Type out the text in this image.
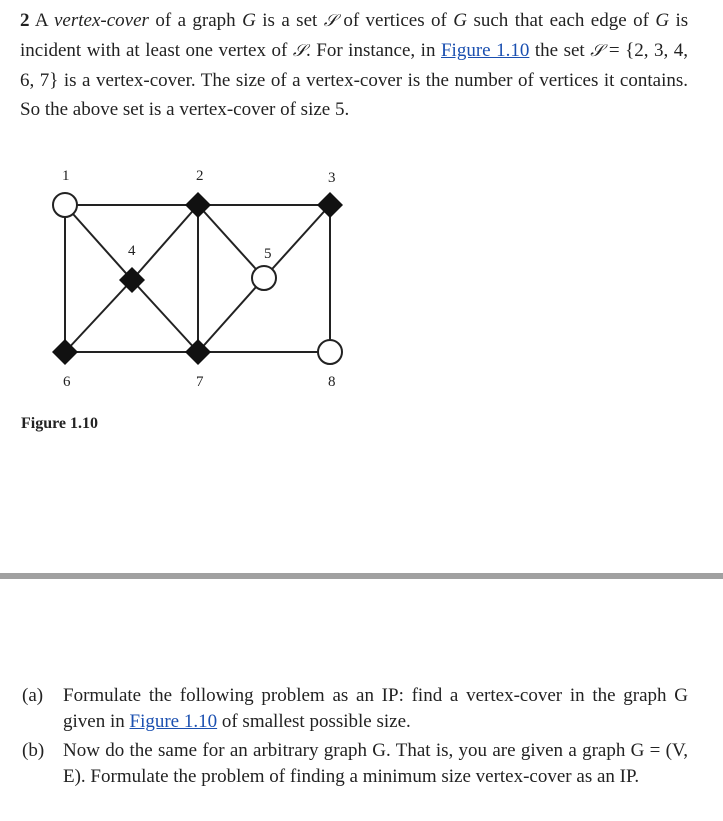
2 A vertex-cover of a graph G is a set 𝒮 of vertices of G such that each edge of G is incident with at least one vertex of 𝒮. For instance, in Figure 1.10 the set 𝒮 = {2, 3, 4, 6, 7} is a vertex-cover. The size of a vertex-cover is the number of vertices it contains. So the above set is a vertex-cover of size 5.
1	2	3
4	5
6	7	8
Figure 1.10
(a)	Formulate the following problem as an IP: find a vertex-cover in the graph G given in Figure 1.10 of smallest possible size.
(b) Now do the same for an arbitrary graph G. That is, you are given a graph G = (V, E). Formulate the problem of finding a minimum size vertex-cover as an IP.
